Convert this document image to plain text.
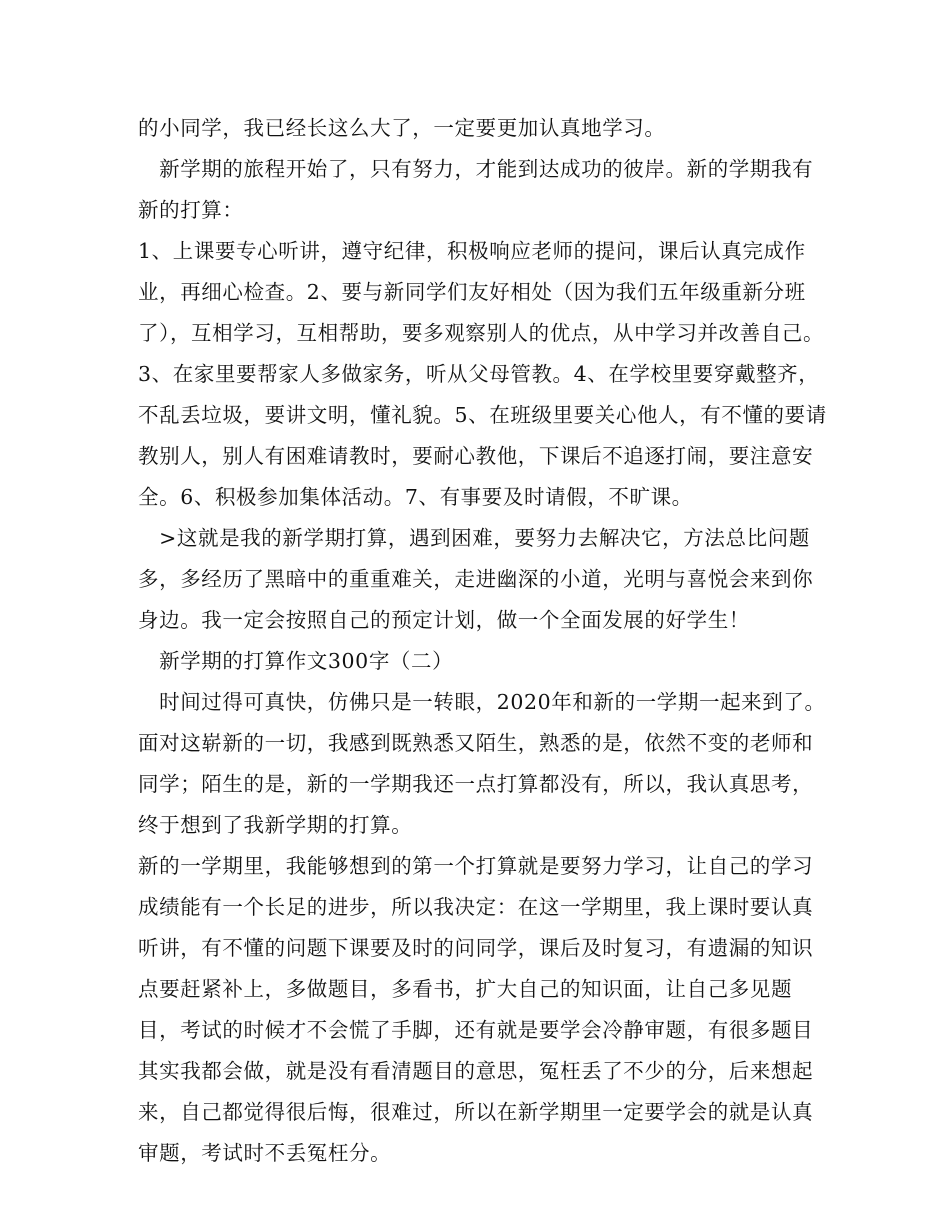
的小同学，我已经长这么大了，一定要更加认真地学习。

　新学期的旅程开始了，只有努力，才能到达成功的彼岸。新的学期我有新的打算：

1、上课要专心听讲，遵守纪律，积极响应老师的提问，课后认真完成作业，再细心检查。2、要与新同学们友好相处（因为我们五年级重新分班了），互相学习，互相帮助，要多观察别人的优点，从中学习并改善自己。3、在家里要帮家人多做家务，听从父母管教。4、在学校里要穿戴整齐，不乱丢垃圾，要讲文明，懂礼貌。5、在班级里要关心他人，有不懂的要请教别人，别人有困难请教时，要耐心教他，下课后不追逐打闹，要注意安全。6、积极参加集体活动。7、有事要及时请假，不旷课。

　>这就是我的新学期打算，遇到困难，要努力去解决它，方法总比问题多，多经历了黑暗中的重重难关，走进幽深的小道，光明与喜悦会来到你身边。我一定会按照自己的预定计划，做一个全面发展的好学生！

　新学期的打算作文300字（二）

　时间过得可真快，仿佛只是一转眼，2020年和新的一学期一起来到了。面对这崭新的一切，我感到既熟悉又陌生，熟悉的是，依然不变的老师和同学；陌生的是，新的一学期我还一点打算都没有，所以，我认真思考，终于想到了我新学期的打算。

新的一学期里，我能够想到的第一个打算就是要努力学习，让自己的学习成绩能有一个长足的进步，所以我决定：在这一学期里，我上课时要认真听讲，有不懂的问题下课要及时的问同学，课后及时复习，有遗漏的知识点要赶紧补上，多做题目，多看书，扩大自己的知识面，让自己多见题目，考试的时候才不会慌了手脚，还有就是要学会冷静审题，有很多题目其实我都会做，就是没有看清题目的意思，冤枉丢了不少的分，后来想起来，自己都觉得很后悔，很难过，所以在新学期里一定要学会的就是认真审题，考试时不丢冤枉分。
